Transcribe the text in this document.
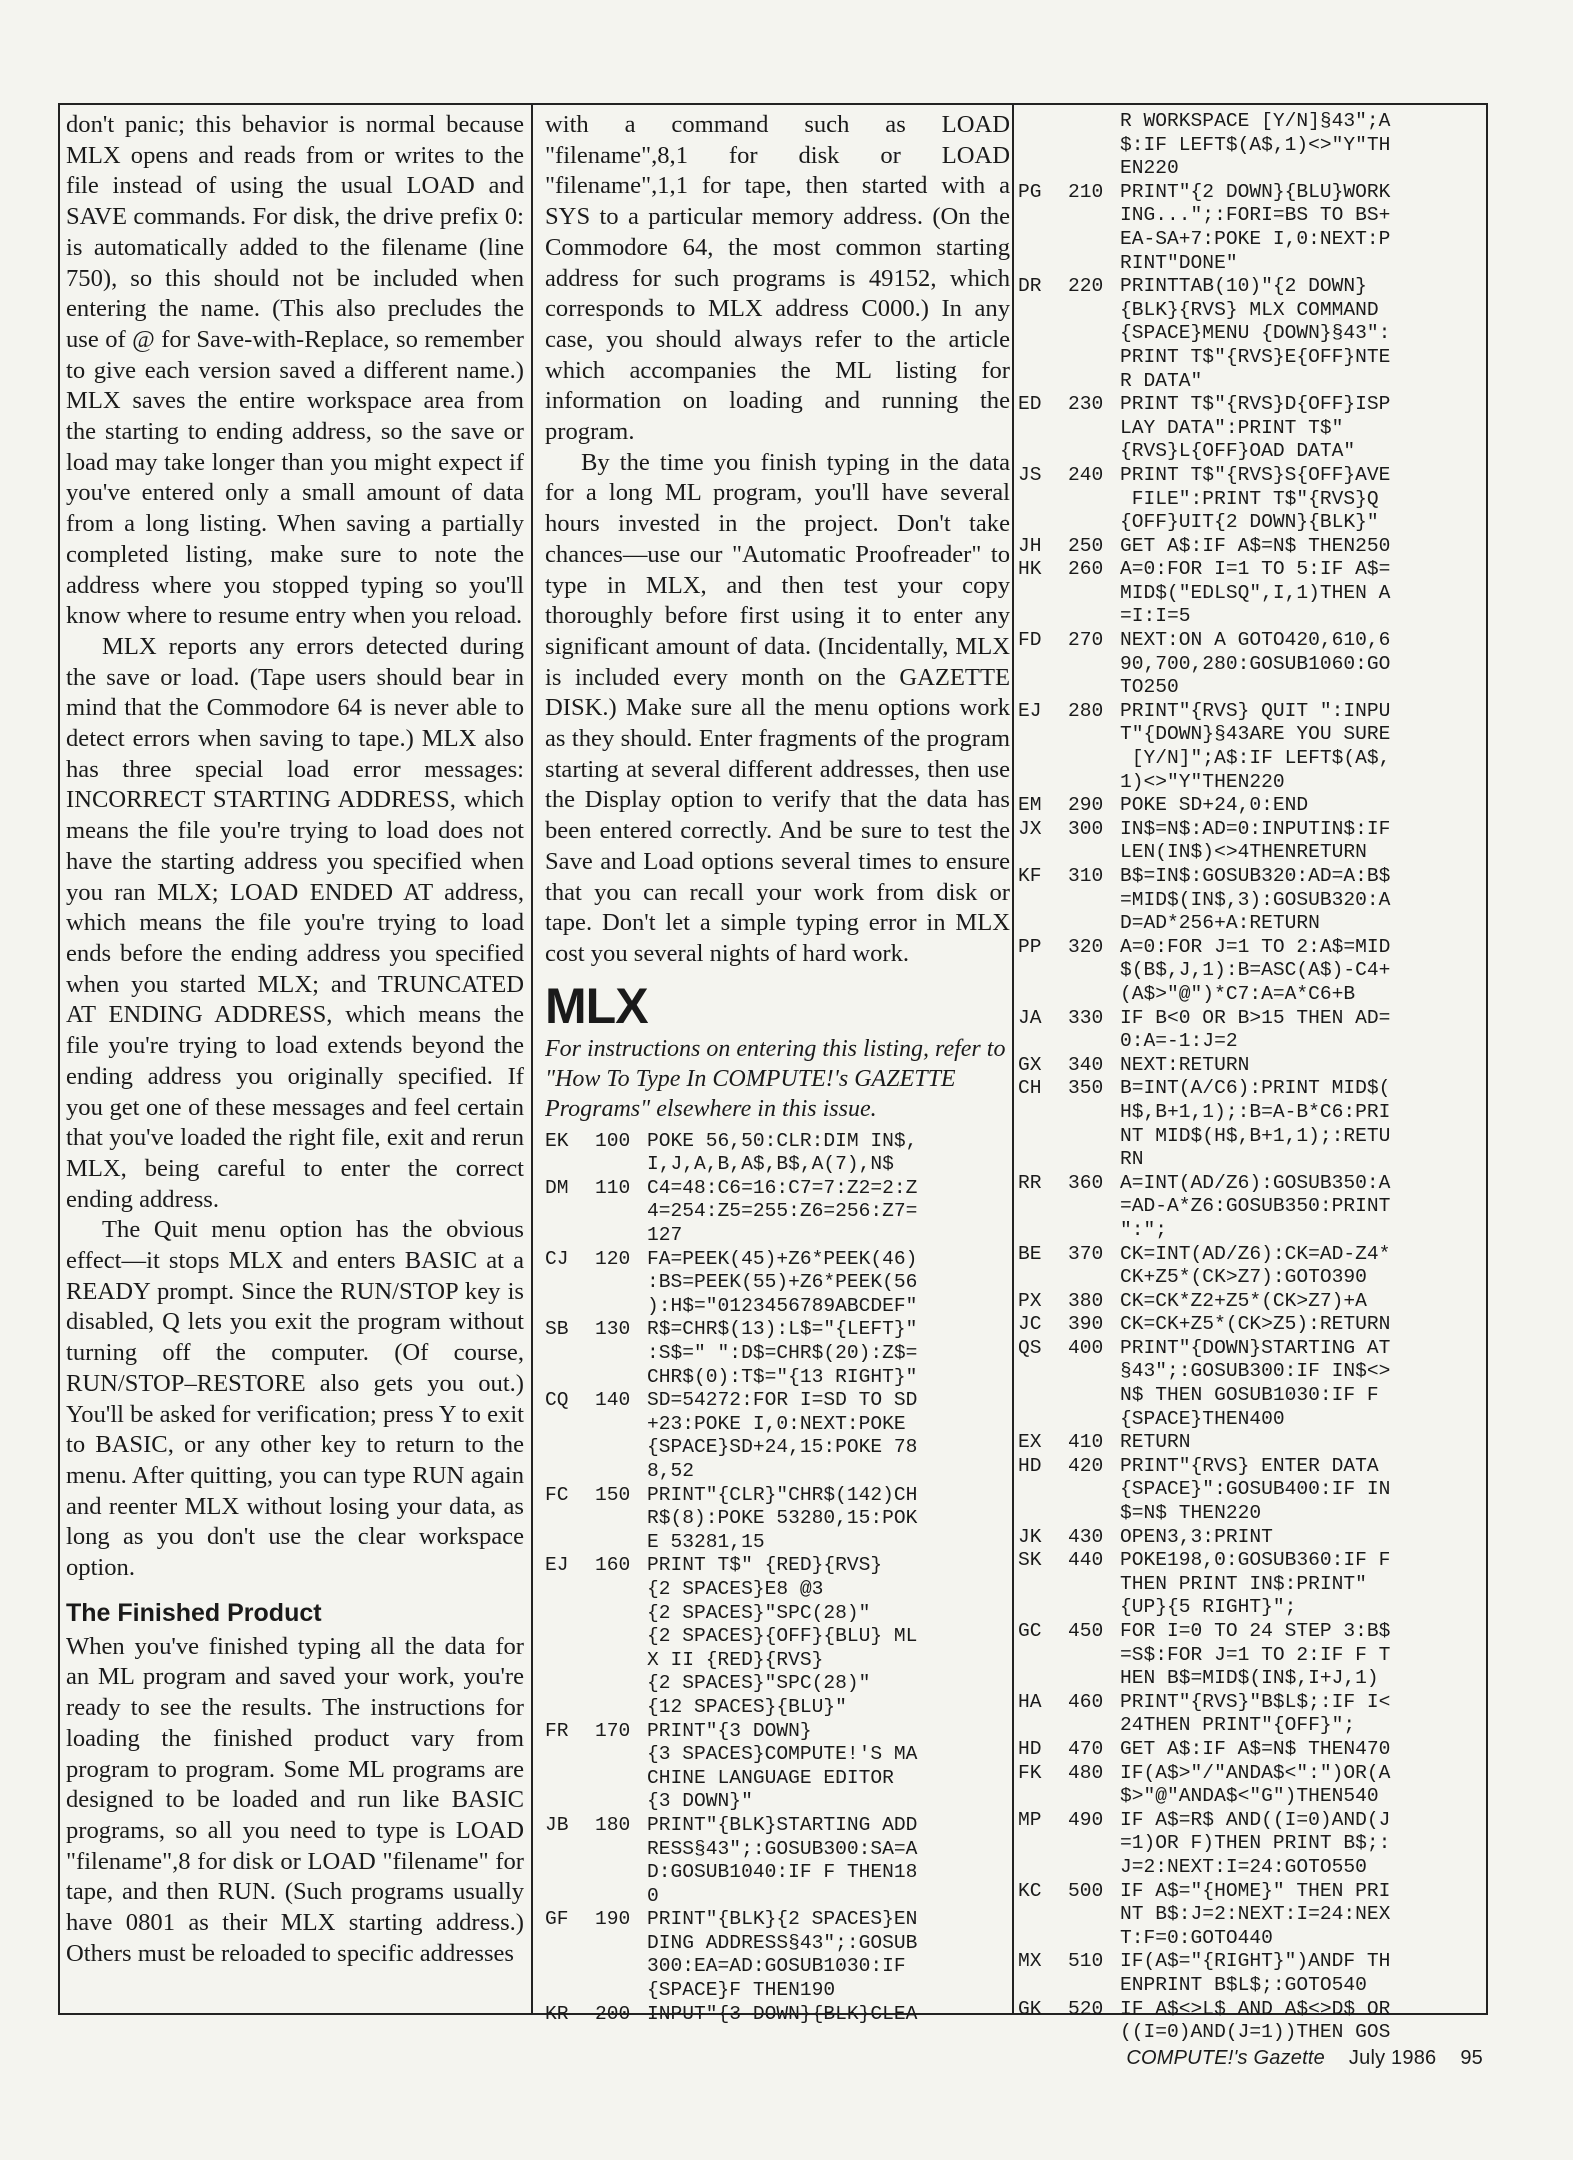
don't panic; this behavior is normal because MLX opens and reads from or writes to the file instead of using the usual LOAD and SAVE commands. For disk, the drive prefix 0: is automatically added to the filename (line 750), so this should not be included when entering the name. (This also precludes the use of @ for Save-with-Replace, so remember to give each version saved a different name.) MLX saves the entire workspace area from the starting to ending address, so the save or load may take longer than you might expect if you've entered only a small amount of data from a long listing. When saving a partially completed listing, make sure to note the address where you stopped typing so you'll know where to resume entry when you reload.

MLX reports any errors detected during the save or load. (Tape users should bear in mind that the Commodore 64 is never able to detect errors when saving to tape.) MLX also has three special load error messages: INCORRECT STARTING ADDRESS, which means the file you're trying to load does not have the starting address you specified when you ran MLX; LOAD ENDED AT address, which means the file you're trying to load ends before the ending address you specified when you started MLX; and TRUNCATED AT ENDING ADDRESS, which means the file you're trying to load extends beyond the ending address you originally specified. If you get one of these messages and feel certain that you've loaded the right file, exit and rerun MLX, being careful to enter the correct ending address.

The Quit menu option has the obvious effect—it stops MLX and enters BASIC at a READY prompt. Since the RUN/STOP key is disabled, Q lets you exit the program without turning off the computer. (Of course, RUN/STOP–RESTORE also gets you out.) You'll be asked for verification; press Y to exit to BASIC, or any other key to return to the menu. After quitting, you can type RUN again and reenter MLX without losing your data, as long as you don't use the clear workspace option.

The Finished Product

When you've finished typing all the data for an ML program and saved your work, you're ready to see the results. The instructions for loading the finished product vary from program to program. Some ML programs are designed to be loaded and run like BASIC programs, so all you need to type is LOAD "filename",8 for disk or LOAD "filename" for tape, and then RUN. (Such programs usually have 0801 as their MLX starting address.) Others must be reloaded to specific addresses

with a command such as LOAD "filename",8,1 for disk or LOAD "filename",1,1 for tape, then started with a SYS to a particular memory address. (On the Commodore 64, the most common starting address for such programs is 49152, which corresponds to MLX address C000.) In any case, you should always refer to the article which accompanies the ML listing for information on loading and running the program.

By the time you finish typing in the data for a long ML program, you'll have several hours invested in the project. Don't take chances—use our "Automatic Proofreader" to type in MLX, and then test your copy thoroughly before first using it to enter any significant amount of data. (Incidentally, MLX is included every month on the GAZETTE DISK.) Make sure all the menu options work as they should. Enter fragments of the program starting at several different addresses, then use the Display option to verify that the data has been entered correctly. And be sure to test the Save and Load options several times to ensure that you can recall your work from disk or tape. Don't let a simple typing error in MLX cost you several nights of hard work.

MLX
For instructions on entering this listing, refer to "How To Type In COMPUTE!'s GAZETTE Programs" elsewhere in this issue.
EK	100 POKE 56,50:CLR:DIM IN$,
I,J,A,B,A$,B$,A(7),N$
DM	110 C4=48:C6=16:C7=7:Z2=2:Z
4=254:Z5=255:Z6=256:Z7=
127
CJ	120 FA=PEEK(45)+Z6*PEEK(46)
:BS=PEEK(55)+Z6*PEEK(56
):H$="0123456789ABCDEF"
SB	130 R$=CHR$(13):L$="{LEFT}"
:S$=" ":D$=CHR$(20):Z$=
CHR$(0):T$="{13 RIGHT}"
CQ	140 SD=54272:FOR I=SD TO SD
+23:POKE I,0:NEXT:POKE
{SPACE}SD+24,15:POKE 78
8,52
FC	150 PRINT"{CLR}"CHR$(142)CH
R$(8):POKE 53280,15:POK
E 53281,15
EJ	160 PRINT T$" {RED}{RVS}
{2 SPACES}E8 @3
{2 SPACES}"SPC(28)"
{2 SPACES}{OFF}{BLU} ML
X II {RED}{RVS}
{2 SPACES}"SPC(28)"
{12 SPACES}{BLU}"
FR	170 PRINT"{3 DOWN}
{3 SPACES}COMPUTE!'S MA
CHINE LANGUAGE EDITOR
{3 DOWN}"
JB	180 PRINT"{BLK}STARTING ADD
RESS§43";:GOSUB300:SA=A
D:GOSUB1040:IF F THEN18
0
GF	190 PRINT"{BLK}{2 SPACES}EN
DING ADDRESS§43";:GOSUB
300:EA=AD:GOSUB1030:IF
{SPACE}F THEN190
KR	200 INPUT"{3 DOWN}{BLK}CLEA
R WORKSPACE [Y/N]§43";A
$:IF LEFT$(A$,1)<>"Y"TH
EN220
PG	210 PRINT"{2 DOWN}{BLU}WORK
ING...";:FORI=BS TO BS+
EA-SA+7:POKE I,0:NEXT:P
RINT"DONE"
DR	220 PRINTTAB(10)"{2 DOWN}
{BLK}{RVS} MLX COMMAND
{SPACE}MENU {DOWN}§43":
PRINT T$"{RVS}E{OFF}NTE
R DATA"
ED	230 PRINT T$"{RVS}D{OFF}ISP
LAY DATA":PRINT T$"
{RVS}L{OFF}OAD DATA"
JS	240 PRINT T$"{RVS}S{OFF}AVE
FILE":PRINT T$"{RVS}Q
{OFF}UIT{2 DOWN}{BLK}"
JH	250 GET A$:IF A$=N$ THEN250
HK	260 A=0:FOR I=1 TO 5:IF A$=
MID$("EDLSQ",I,1)THEN A
=I:I=5
FD	270 NEXT:ON A GOTO420,610,6
90,700,280:GOSUB1060:GO
TO250
EJ	280 PRINT"{RVS} QUIT ":INPU
T"{DOWN}§43ARE YOU SURE
[Y/N]";A$:IF LEFT$(A$,
1)<>"Y"THEN220
EM	290 POKE SD+24,0:END
JX	300 IN$=N$:AD=0:INPUTIN$:IF
LEN(IN$)<>4THENRETURN
KF	310 B$=IN$:GOSUB320:AD=A:B$
=MID$(IN$,3):GOSUB320:A
D=AD*256+A:RETURN
PP	320 A=0:FOR J=1 TO 2:A$=MID
$(B$,J,1):B=ASC(A$)-C4+
(A$>"@")*C7:A=A*C6+B
JA	330 IF B<0 OR B>15 THEN AD=
0:A=-1:J=2
GX	340 NEXT:RETURN
CH	350 B=INT(A/C6):PRINT MID$(
H$,B+1,1);:B=A-B*C6:PRI
NT MID$(H$,B+1,1);:RETU
RN
RR	360 A=INT(AD/Z6):GOSUB350:A
=AD-A*Z6:GOSUB350:PRINT
":";
BE	370 CK=INT(AD/Z6):CK=AD-Z4*
CK+Z5*(CK>Z7):GOTO390
PX	380 CK=CK*Z2+Z5*(CK>Z7)+A
JC	390 CK=CK+Z5*(CK>Z5):RETURN
QS	400 PRINT"{DOWN}STARTING AT
§43";:GOSUB300:IF IN$<>
N$ THEN GOSUB1030:IF F
{SPACE}THEN400
EX	410 RETURN
HD	420 PRINT"{RVS} ENTER DATA
{SPACE}":GOSUB400:IF IN
$=N$ THEN220
JK	430 OPEN3,3:PRINT
SK	440 POKE198,0:GOSUB360:IF F
THEN PRINT IN$:PRINT"
{UP}{5 RIGHT}";
GC	450 FOR I=0 TO 24 STEP 3:B$
=S$:FOR J=1 TO 2:IF F T
HEN B$=MID$(IN$,I+J,1)
HA	460 PRINT"{RVS}"B$L$;:IF I<
24THEN PRINT"{OFF}";
HD	470 GET A$:IF A$=N$ THEN470
FK	480 IF(A$>"/"ANDA$<":")OR(A
$>"@"ANDA$<"G")THEN540
MP	490 IF A$=R$ AND((I=0)AND(J
=1)OR F)THEN PRINT B$;:
J=2:NEXT:I=24:GOTO550
KC	500 IF A$="{HOME}" THEN PRI
NT B$:J=2:NEXT:I=24:NEX
T:F=0:GOTO440
MX	510 IF(A$="{RIGHT}")ANDF TH
ENPRINT B$L$;:GOTO540
GK	520 IF A$<>L$ AND A$<>D$ OR
((I=0)AND(J=1))THEN GOS
COMPUTE!'s Gazette July 1986 95
